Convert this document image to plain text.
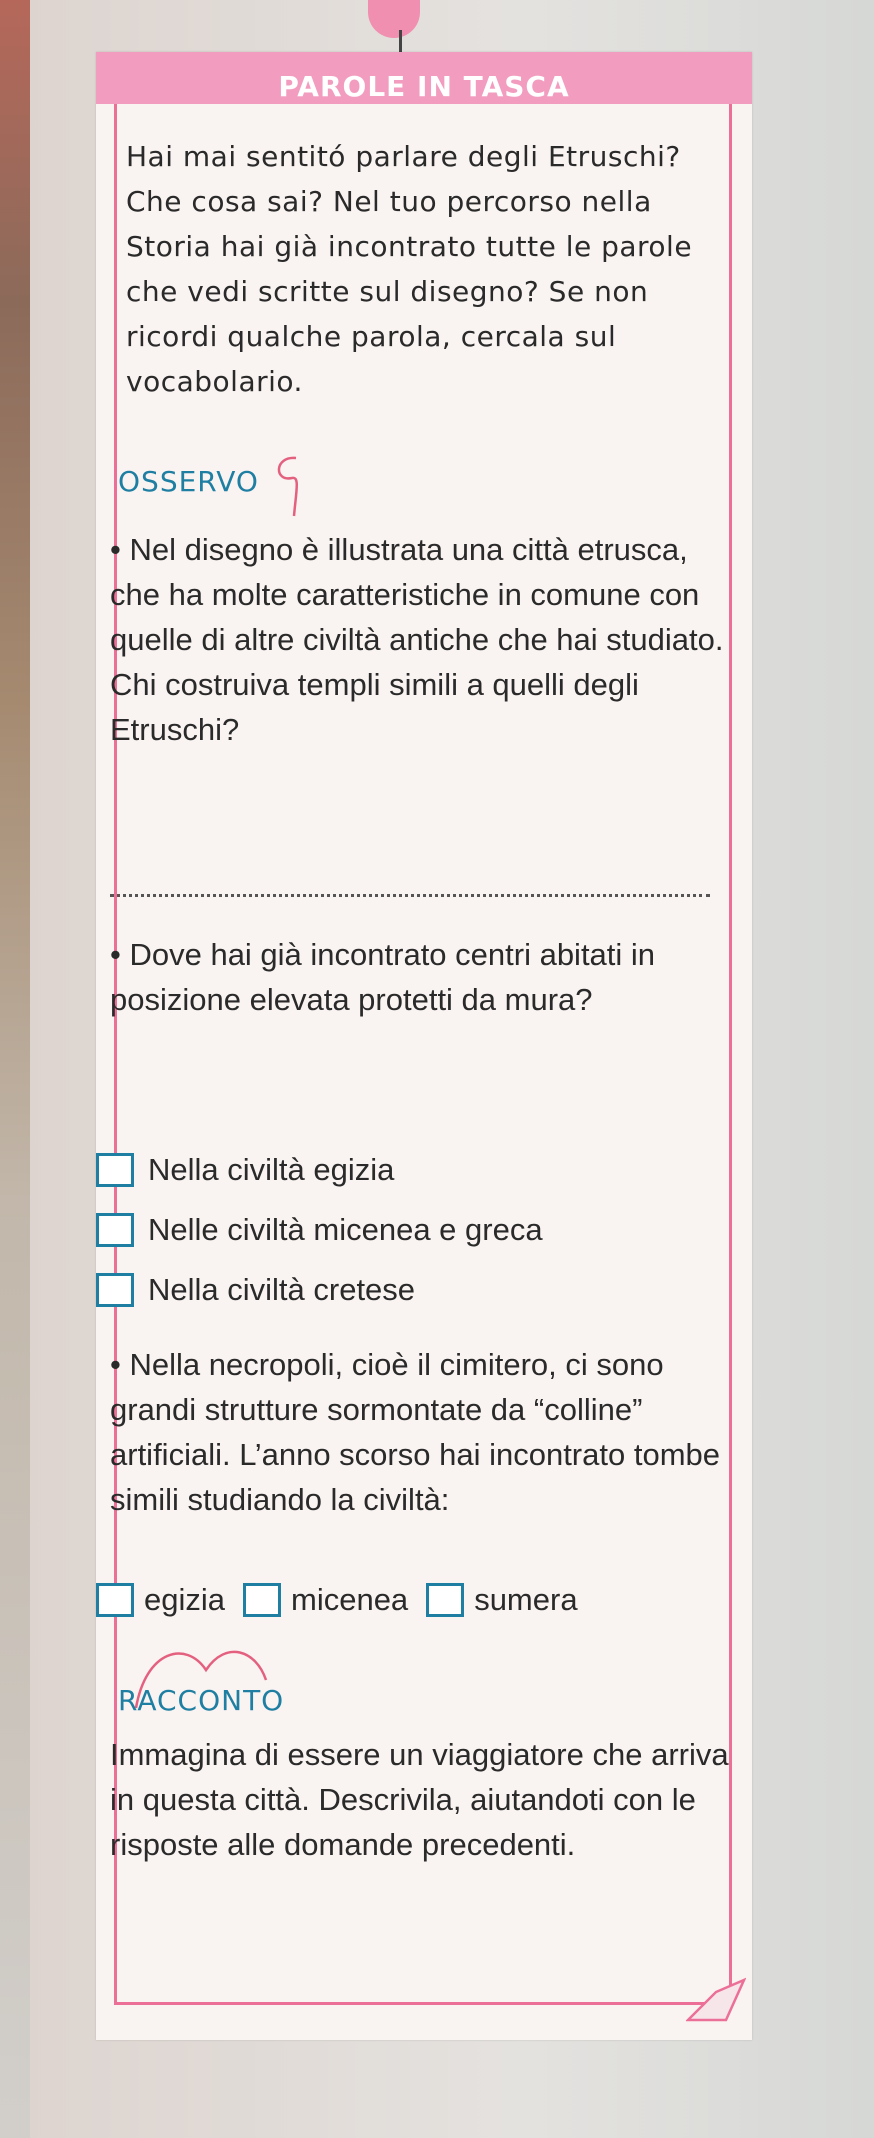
PAROLE IN TASCA

Hai mai sentitó parlare degli Etruschi? Che cosa sai? Nel tuo percorso nella Storia hai già incontrato tutte le parole che vedi scritte sul disegno? Se non ricordi qualche parola, cercala sul vocabolario.

OSSERVO

• Nel disegno è illustrata una città etrusca, che ha molte caratteristiche in comune con quelle di altre civiltà antiche che hai studiato. Chi costruiva templi simili a quelli degli Etruschi?

• Dove hai già incontrato centri abitati in posizione elevata protetti da mura?

Nella civiltà egizia
Nelle civiltà micenea e greca
Nella civiltà cretese

• Nella necropoli, cioè il cimitero, ci sono grandi strutture sormontate da “colline” artificiali. L’anno scorso hai incontrato tombe simili studiando la civiltà:

egizia micenea sumera
RACCONTO

Immagina di essere un viaggiatore che arriva in questa città. Descrivila, aiutandoti con le risposte alle domande precedenti.
